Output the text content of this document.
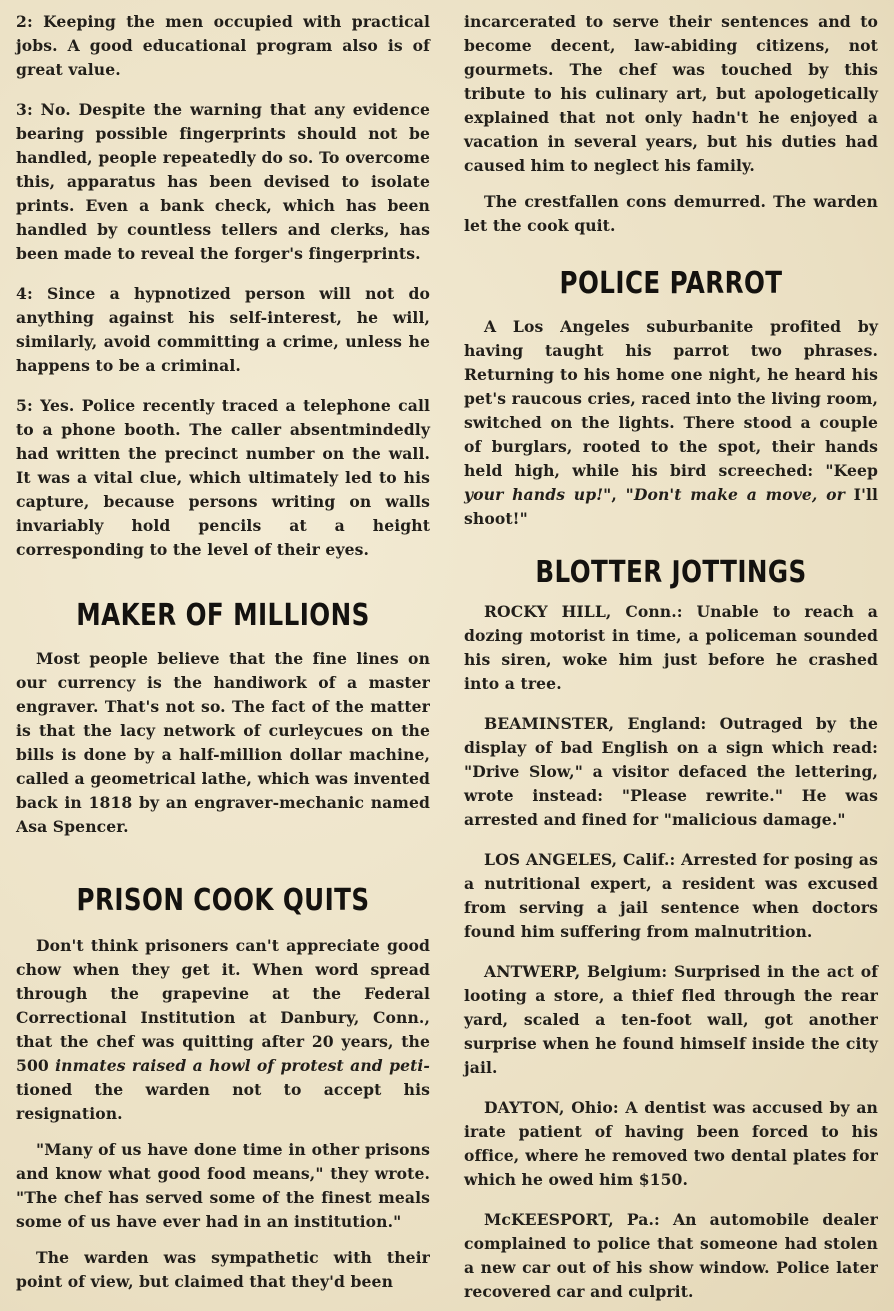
2: Keeping the men occupied with practical jobs. A good educational program also is of great value.

3: No. Despite the warning that any evidence bearing possible fingerprints should not be handled, people repeatedly do so. To overcome this, apparatus has been devised to isolate prints. Even a bank check, which has been handled by countless tellers and clerks, has been made to reveal the forger's fingerprints.

4: Since a hypnotized person will not do anything against his self-interest, he will, similarly, avoid committing a crime, unless he happens to be a criminal.

5: Yes. Police recently traced a telephone call to a phone booth. The caller absentmindedly had written the precinct number on the wall. It was a vital clue, which ultimately led to his capture, because persons writing on walls invariably hold pencils at a height corresponding to the level of their eyes.

MAKER OF MILLIONS

Most people believe that the fine lines on our currency is the handiwork of a master engraver. That's not so. The fact of the matter is that the lacy network of curleycues on the bills is done by a half-million dollar machine, called a geometrical lathe, which was invented back in 1818 by an engraver-mechanic named Asa Spencer.

PRISON COOK QUITS

Don't think prisoners can't appreciate good chow when they get it. When word spread through the grapevine at the Federal Correctional Institution at Danbury, Conn., that the chef was quitting after 20 years, the 500 inmates raised a howl of protest and peti-tioned the warden not to accept his resignation.

"Many of us have done time in other prisons and know what good food means," they wrote. "The chef has served some of the finest meals some of us have ever had in an institution."

The warden was sympathetic with their point of view, but claimed that they'd been

incarcerated to serve their sentences and to become decent, law-abiding citizens, not gourmets. The chef was touched by this tribute to his culinary art, but apologetically explained that not only hadn't he enjoyed a vacation in several years, but his duties had caused him to neglect his family.

The crestfallen cons demurred. The warden let the cook quit.

POLICE PARROT

A Los Angeles suburbanite profited by having taught his parrot two phrases. Returning to his home one night, he heard his pet's raucous cries, raced into the living room, switched on the lights. There stood a couple of burglars, rooted to the spot, their hands held high, while his bird screeched: "Keep your hands up!", "Don't make a move, or I'll shoot!"

BLOTTER JOTTINGS

ROCKY HILL, Conn.: Unable to reach a dozing motorist in time, a policeman sounded his siren, woke him just before he crashed into a tree.

BEAMINSTER, England: Outraged by the display of bad English on a sign which read: "Drive Slow," a visitor defaced the lettering, wrote instead: "Please rewrite." He was arrested and fined for "malicious damage."

LOS ANGELES, Calif.: Arrested for posing as a nutritional expert, a resident was excused from serving a jail sentence when doctors found him suffering from malnutrition.

ANTWERP, Belgium: Surprised in the act of looting a store, a thief fled through the rear yard, scaled a ten-foot wall, got another surprise when he found himself inside the city jail.

DAYTON, Ohio: A dentist was accused by an irate patient of having been forced to his office, where he removed two dental plates for which he owed him $150.

McKEESPORT, Pa.: An automobile dealer complained to police that someone had stolen a new car out of his show window. Police later recovered car and culprit.
